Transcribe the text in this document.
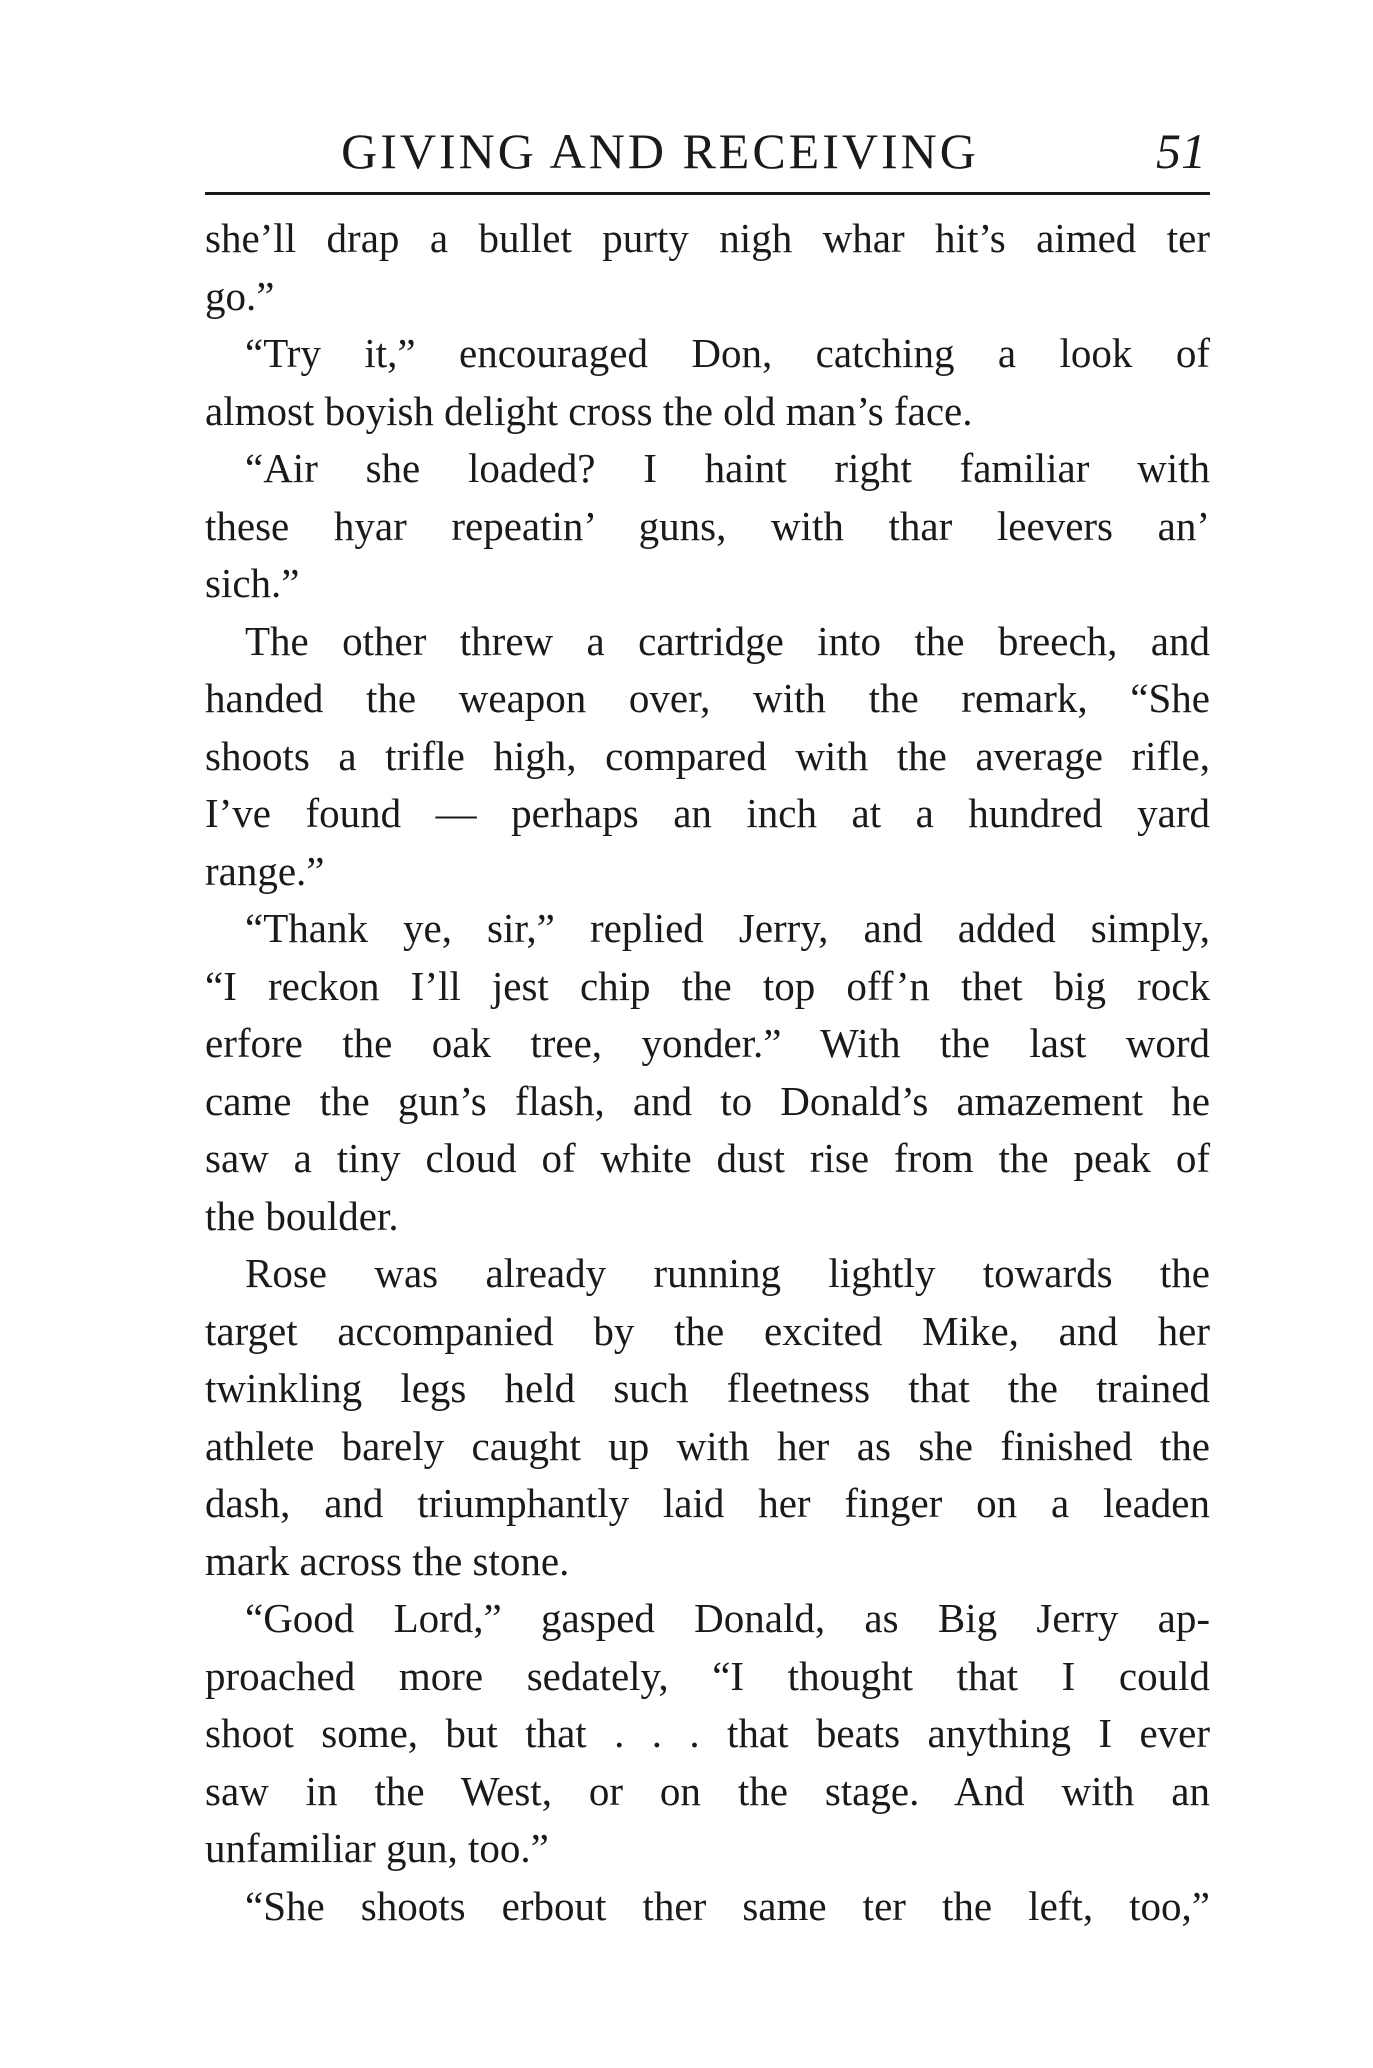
GIVING AND RECEIVING	51
she’ll drap a bullet purty nigh whar hit’s aimed ter
go.”
“Try it,” encouraged Don, catching a look of
almost boyish delight cross the old man’s face.
“Air she loaded? I haint right familiar with
these hyar repeatin’ guns, with thar leevers an’
sich.”
The other threw a cartridge into the breech, and
handed the weapon over, with the remark, “She
shoots a trifle high, compared with the average rifle,
I’ve found — perhaps an inch at a hundred yard
range.”
“Thank ye, sir,” replied Jerry, and added simply,
“I reckon I’ll jest chip the top off’n thet big rock
erfore the oak tree, yonder.” With the last word
came the gun’s flash, and to Donald’s amazement he
saw a tiny cloud of white dust rise from the peak of
the boulder.
Rose was already running lightly towards the
target accompanied by the excited Mike, and her
twinkling legs held such fleetness that the trained
athlete barely caught up with her as she finished the
dash, and triumphantly laid her finger on a leaden
mark across the stone.
“Good Lord,” gasped Donald, as Big Jerry ap-
proached more sedately, “I thought that I could
shoot some, but that . . . that beats anything I ever
saw in the West, or on the stage. And with an
unfamiliar gun, too.”
“She shoots erbout ther same ter the left, too,”
